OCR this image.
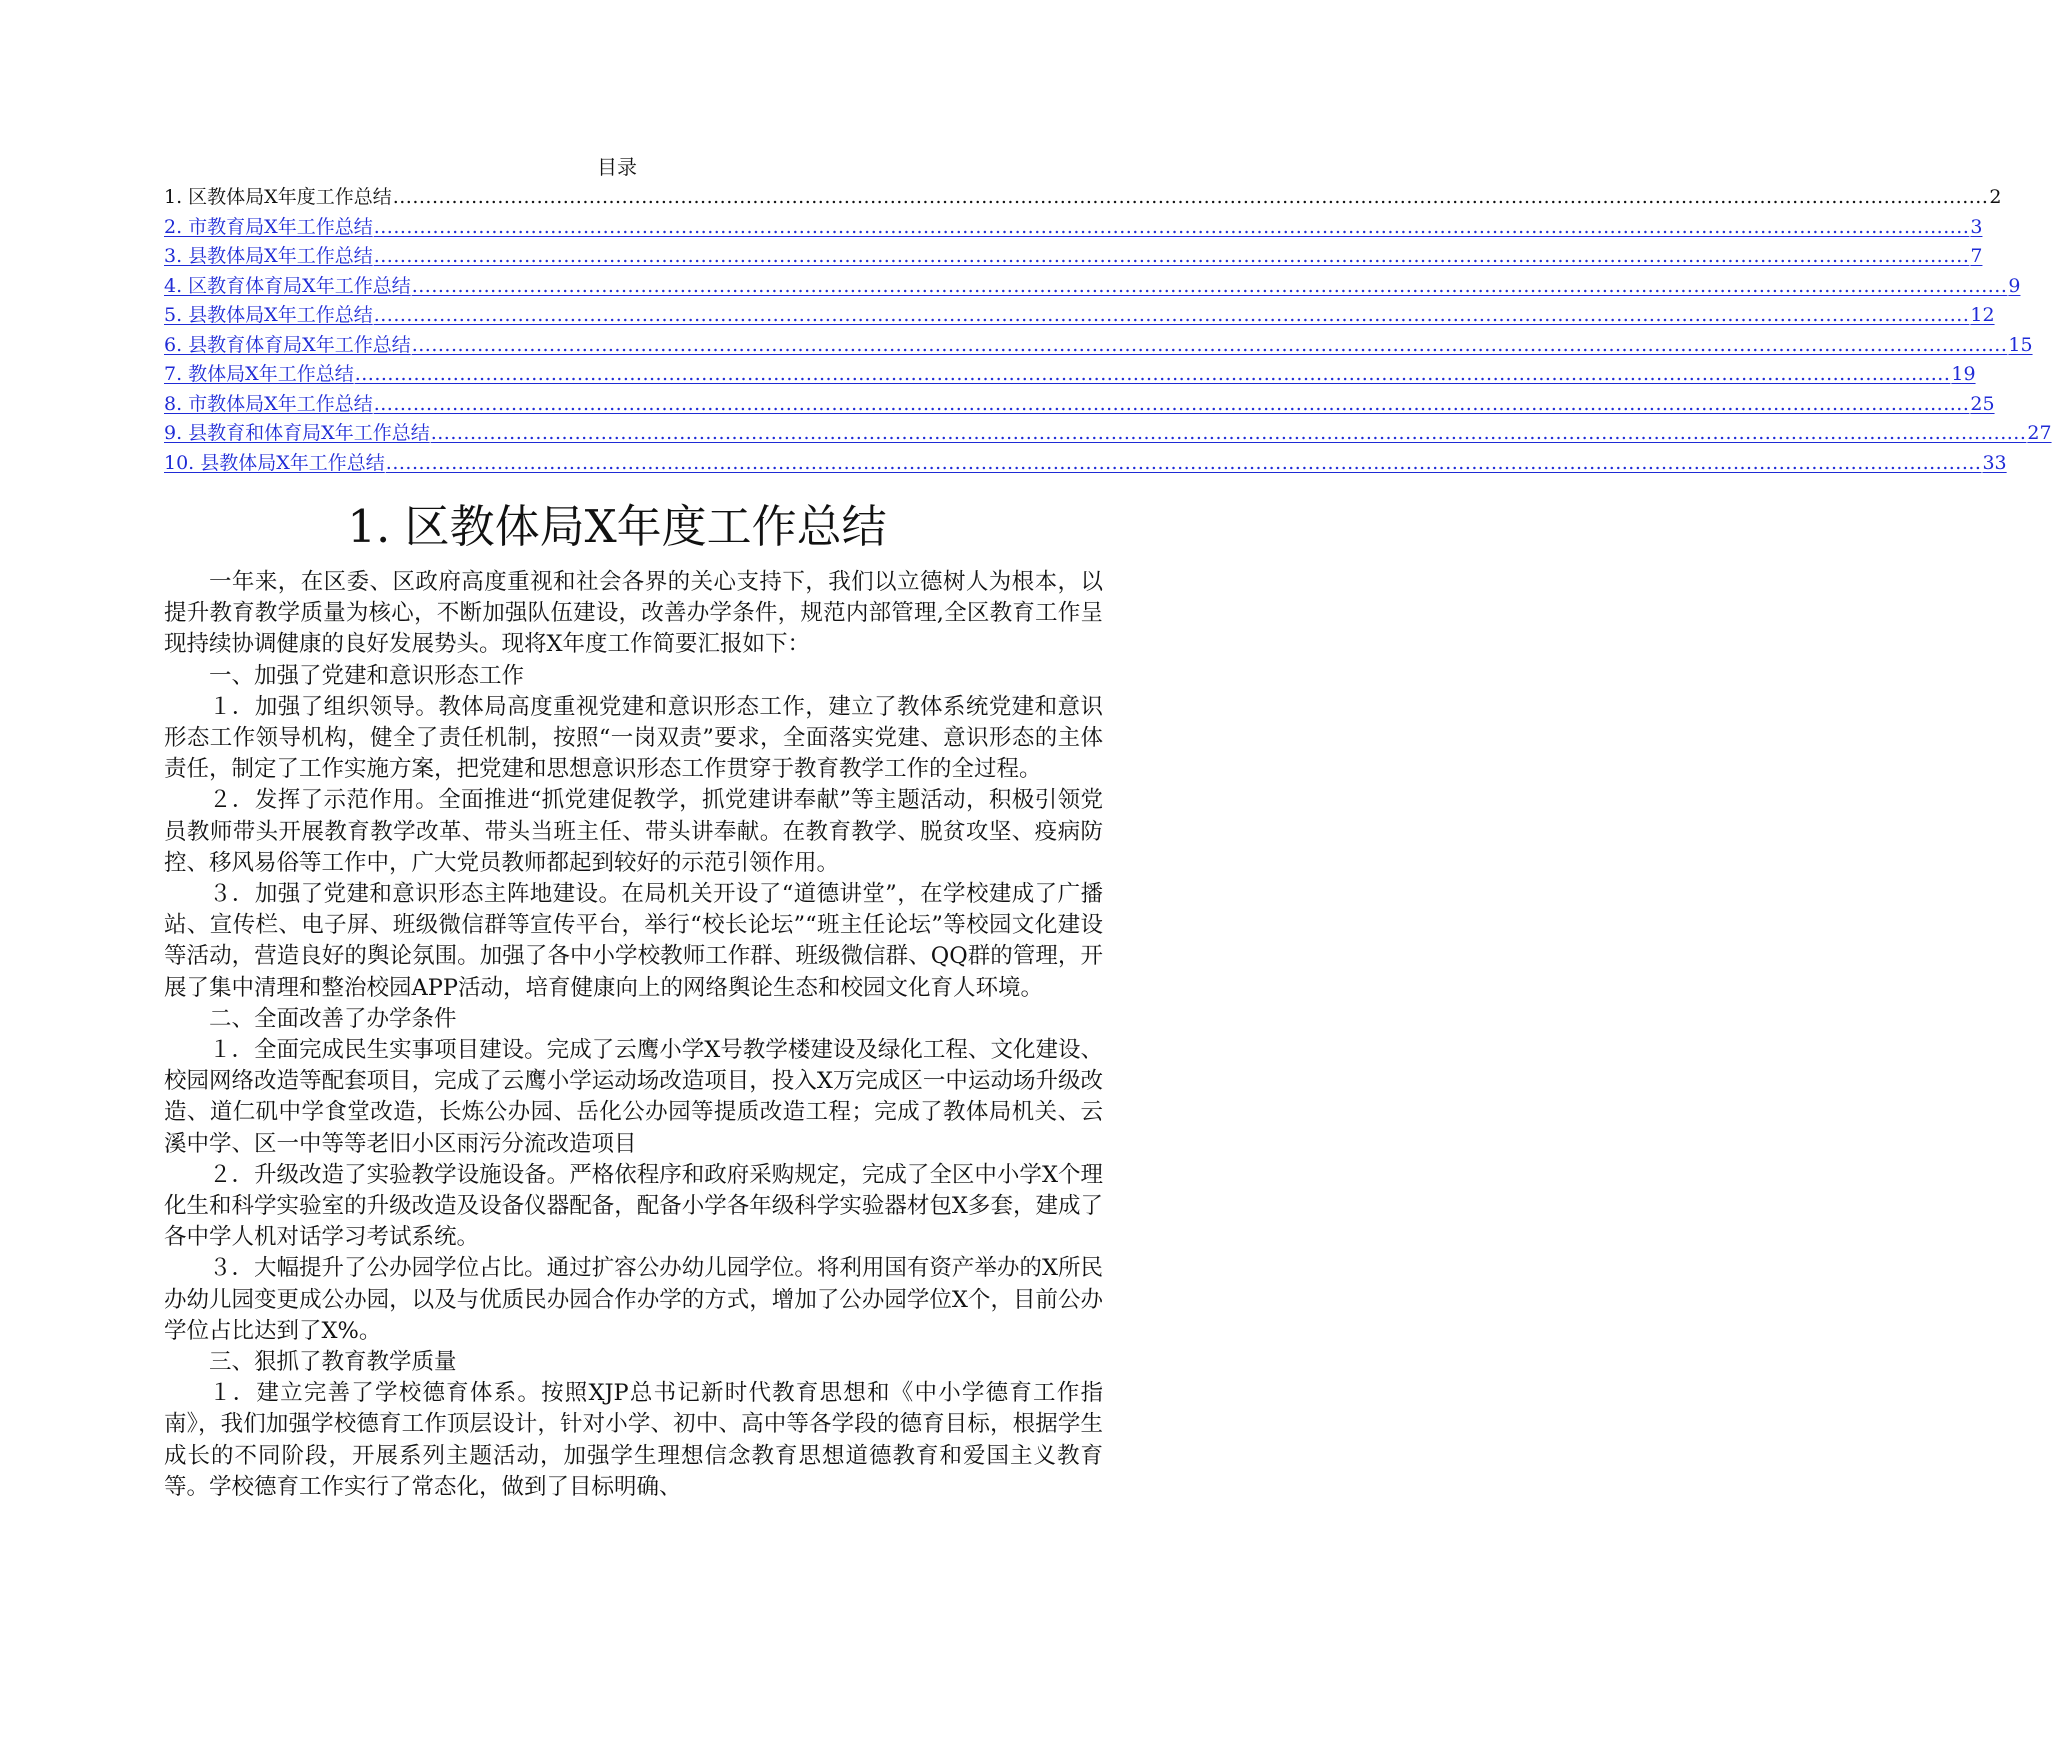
目录
1. 区教体局X年度工作总结 .................................................................................................................................................................................................................................................... 2
2. 市教育局X年工作总结 .................................................................................................................................................................................................................................................... 3
3. 县教体局X年工作总结 .................................................................................................................................................................................................................................................... 7
4. 区教育体育局X年工作总结 .................................................................................................................................................................................................................................................... 9
5. 县教体局X年工作总结 .................................................................................................................................................................................................................................................... 12
6. 县教育体育局X年工作总结 .................................................................................................................................................................................................................................................... 15
7. 教体局X年工作总结 .................................................................................................................................................................................................................................................... 19
8. 市教体局X年工作总结 .................................................................................................................................................................................................................................................... 25
9. 县教育和体育局X年工作总结 .................................................................................................................................................................................................................................................... 27
10. 县教体局X年工作总结 .................................................................................................................................................................................................................................................... 33
1. 区教体局X年度工作总结

一年来，在区委、区政府高度重视和社会各界的关心支持下，我们以立德树人为根本，以提升教育教学质量为核心，不断加强队伍建设，改善办学条件，规范内部管理,全区教育工作呈现持续协调健康的良好发展势头。现将X年度工作简要汇报如下：

一、加强了党建和意识形态工作

１．加强了组织领导。教体局高度重视党建和意识形态工作，建立了教体系统党建和意识形态工作领导机构，健全了责任机制，按照“一岗双责”要求，全面落实党建、意识形态的主体责任，制定了工作实施方案，把党建和思想意识形态工作贯穿于教育教学工作的全过程。

２．发挥了示范作用。全面推进“抓党建促教学，抓党建讲奉献”等主题活动，积极引领党员教师带头开展教育教学改革、带头当班主任、带头讲奉献。在教育教学、脱贫攻坚、疫病防控、移风易俗等工作中，广大党员教师都起到较好的示范引领作用。

３．加强了党建和意识形态主阵地建设。在局机关开设了“道德讲堂”，在学校建成了广播站、宣传栏、电子屏、班级微信群等宣传平台，举行“校长论坛”“班主任论坛”等校园文化建设等活动，营造良好的舆论氛围。加强了各中小学校教师工作群、班级微信群、QQ群的管理，开展了集中清理和整治校园APP活动，培育健康向上的网络舆论生态和校园文化育人环境。

二、全面改善了办学条件

１．全面完成民生实事项目建设。完成了云鹰小学X号教学楼建设及绿化工程、文化建设、校园网络改造等配套项目，完成了云鹰小学运动场改造项目，投入X万完成区一中运动场升级改造、道仁矶中学食堂改造，长炼公办园、岳化公办园等提质改造工程；完成了教体局机关、云溪中学、区一中等等老旧小区雨污分流改造项目

２．升级改造了实验教学设施设备。严格依程序和政府采购规定，完成了全区中小学X个理化生和科学实验室的升级改造及设备仪器配备，配备小学各年级科学实验器材包X多套，建成了各中学人机对话学习考试系统。

３．大幅提升了公办园学位占比。通过扩容公办幼儿园学位。将利用国有资产举办的X所民办幼儿园变更成公办园，以及与优质民办园合作办学的方式，增加了公办园学位X个，目前公办学位占比达到了X%。

三、狠抓了教育教学质量

１．建立完善了学校德育体系。按照XJP总书记新时代教育思想和《中小学德育工作指南》，我们加强学校德育工作顶层设计，针对小学、初中、高中等各学段的德育目标，根据学生成长的不同阶段，开展系列主题活动，加强学生理想信念教育思想道德教育和爱国主义教育等。学校德育工作实行了常态化，做到了目标明确、
